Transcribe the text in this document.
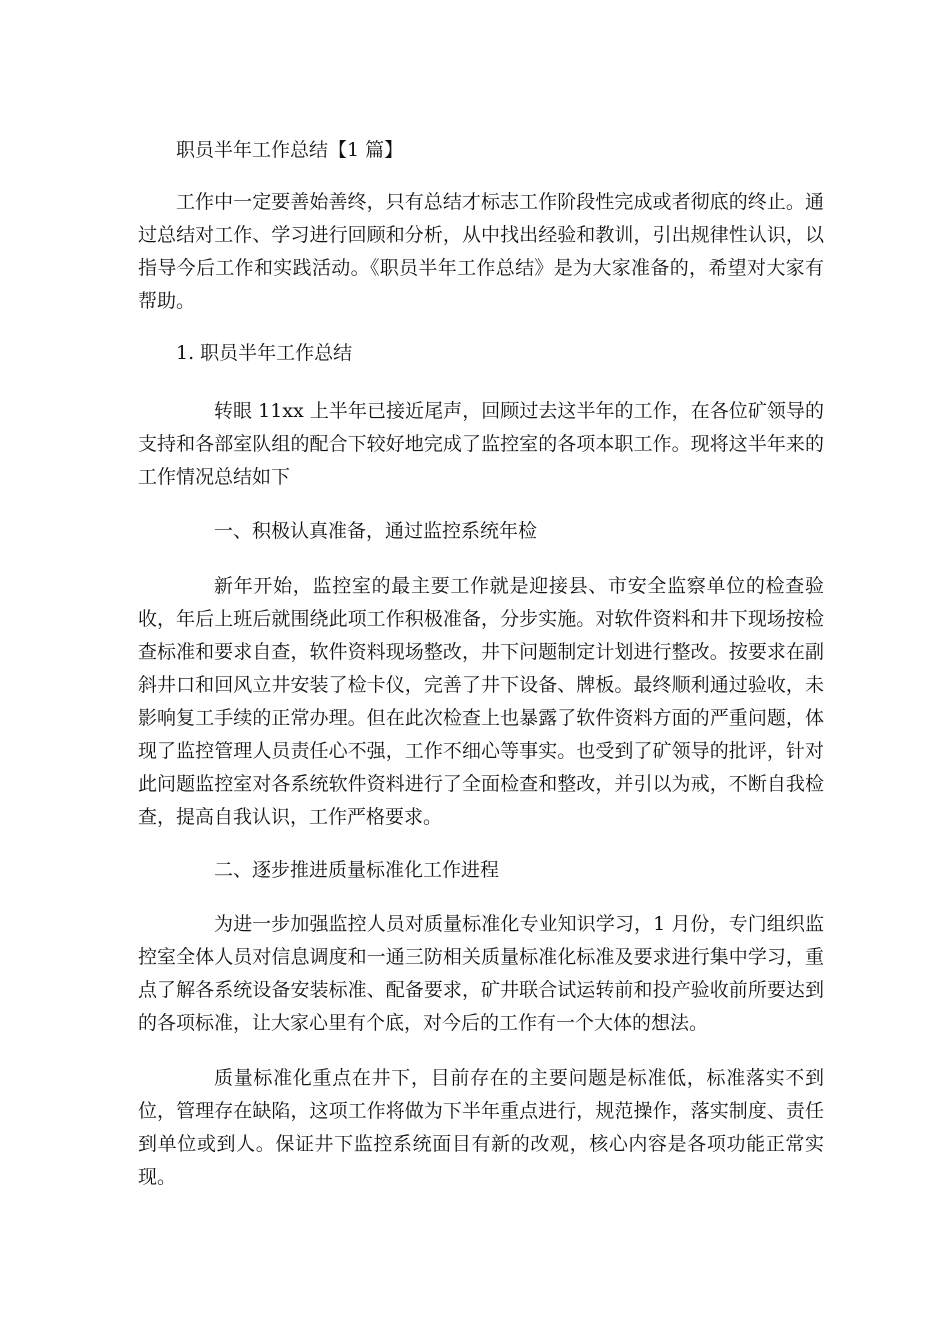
职员半年工作总结【1 篇】

工作中一定要善始善终，只有总结才标志工作阶段性完成或者彻底的终止。通过总结对工作、学习进行回顾和分析，从中找出经验和教训，引出规律性认识，以指导今后工作和实践活动。《职员半年工作总结》是为大家准备的，希望对大家有帮助。

1. 职员半年工作总结

转眼 11xx 上半年已接近尾声，回顾过去这半年的工作，在各位矿领导的支持和各部室队组的配合下较好地完成了监控室的各项本职工作。现将这半年来的工作情况总结如下

一、积极认真准备，通过监控系统年检

新年开始，监控室的最主要工作就是迎接县、市安全监察单位的检查验收，年后上班后就围绕此项工作积极准备，分步实施。对软件资料和井下现场按检查标准和要求自查，软件资料现场整改，井下问题制定计划进行整改。按要求在副斜井口和回风立井安装了检卡仪，完善了井下设备、牌板。最终顺利通过验收，未影响复工手续的正常办理。但在此次检查上也暴露了软件资料方面的严重问题，体现了监控管理人员责任心不强，工作不细心等事实。也受到了矿领导的批评，针对此问题监控室对各系统软件资料进行了全面检查和整改，并引以为戒，不断自我检查，提高自我认识，工作严格要求。

二、逐步推进质量标准化工作进程

为进一步加强监控人员对质量标准化专业知识学习，1 月份，专门组织监控室全体人员对信息调度和一通三防相关质量标准化标准及要求进行集中学习，重点了解各系统设备安装标准、配备要求，矿井联合试运转前和投产验收前所要达到的各项标准，让大家心里有个底，对今后的工作有一个大体的想法。

质量标准化重点在井下，目前存在的主要问题是标准低，标准落实不到位，管理存在缺陷，这项工作将做为下半年重点进行，规范操作，落实制度、责任到单位或到人。保证井下监控系统面目有新的改观，核心内容是各项功能正常实现。
